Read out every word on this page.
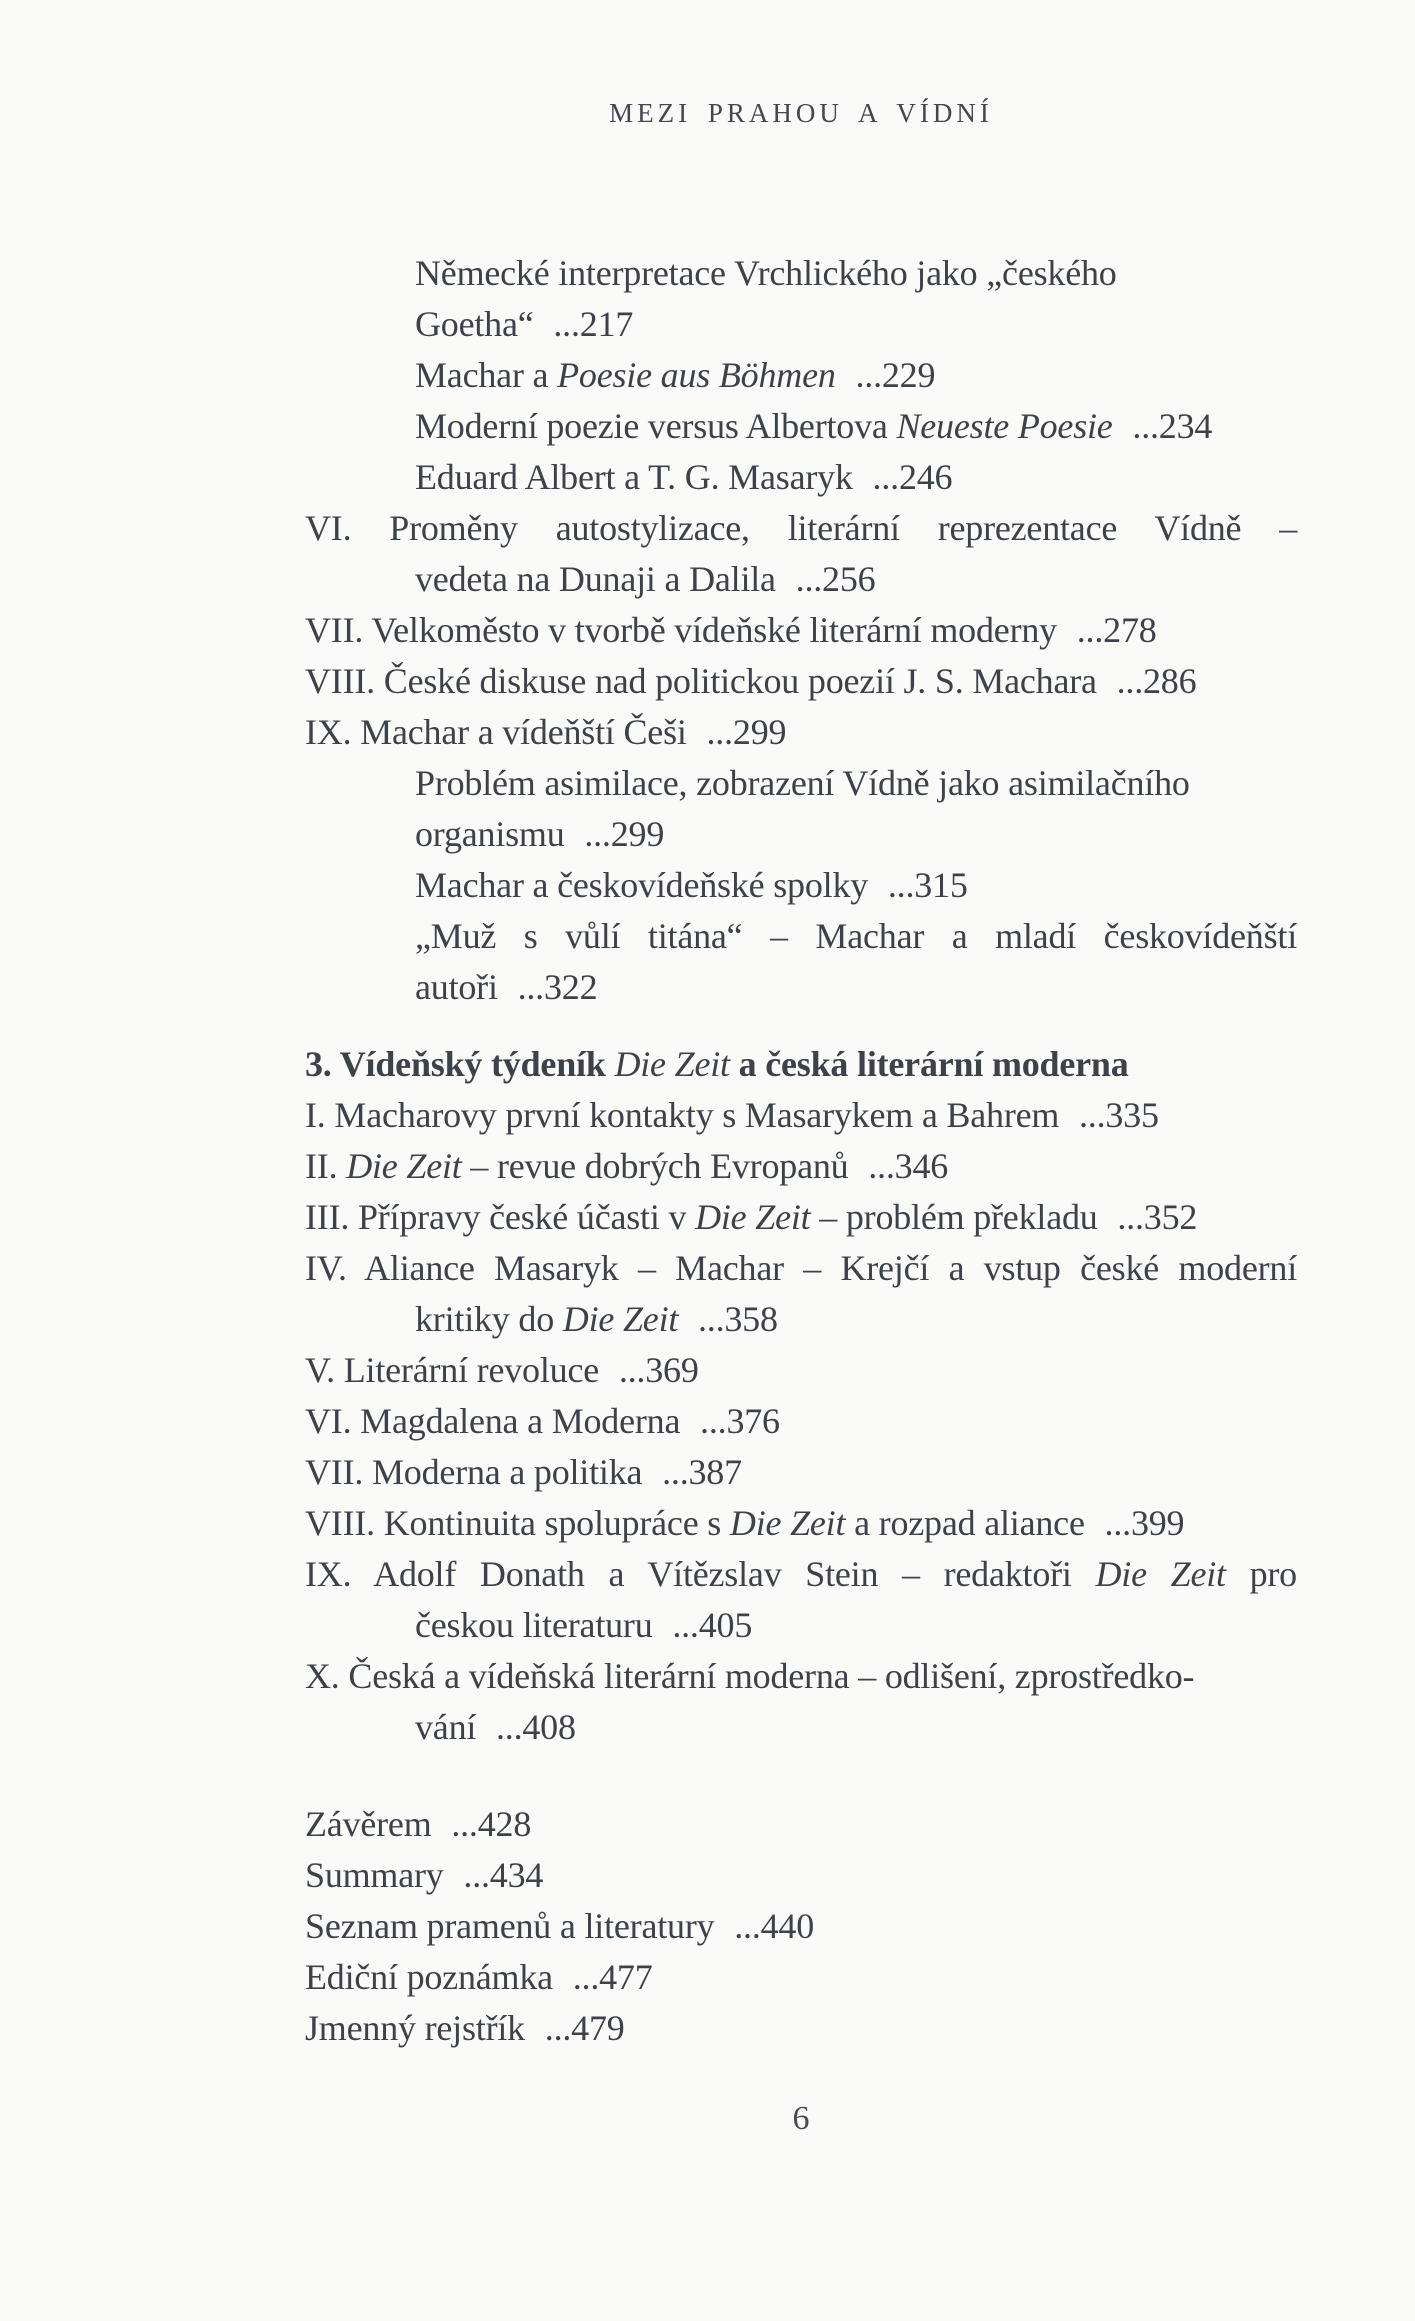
MEZI PRAHOU A VÍDNÍ
Německé interpretace Vrchlického jako „českého
Goetha“ ...217
Machar a Poesie aus Böhmen ...229
Moderní poezie versus Albertova Neueste Poesie ...234
Eduard Albert a T. G. Masaryk ...246
VI. Proměny autostylizace, literární reprezentace Vídně –
vedeta na Dunaji a Dalila ...256
VII. Velkoměsto v tvorbě vídeňské literární moderny ...278
VIII. České diskuse nad politickou poezií J. S. Machara ...286
IX. Machar a vídeňští Češi ...299
Problém asimilace, zobrazení Vídně jako asimilačního
organismu ...299
Machar a českovídeňské spolky ...315
„Muž s vůlí titána“ – Machar a mladí českovídeňští
autoři ...322
3. Vídeňský týdeník Die Zeit a česká literární moderna
I. Macharovy první kontakty s Masarykem a Bahrem ...335
II. Die Zeit – revue dobrých Evropanů ...346
III. Přípravy české účasti v Die Zeit – problém překladu ...352
IV. Aliance Masaryk – Machar – Krejčí a vstup české moderní
kritiky do Die Zeit ...358
V. Literární revoluce ...369
VI. Magdalena a Moderna ...376
VII. Moderna a politika ...387
VIII. Kontinuita spolupráce s Die Zeit a rozpad aliance ...399
IX. Adolf Donath a Vítězslav Stein – redaktoři Die Zeit pro
českou literaturu ...405
X. Česká a vídeňská literární moderna – odlišení, zprostředko-
vání ...408
Závěrem ...428
Summary ...434
Seznam pramenů a literatury ...440
Ediční poznámka ...477
Jmenný rejstřík ...479
6
